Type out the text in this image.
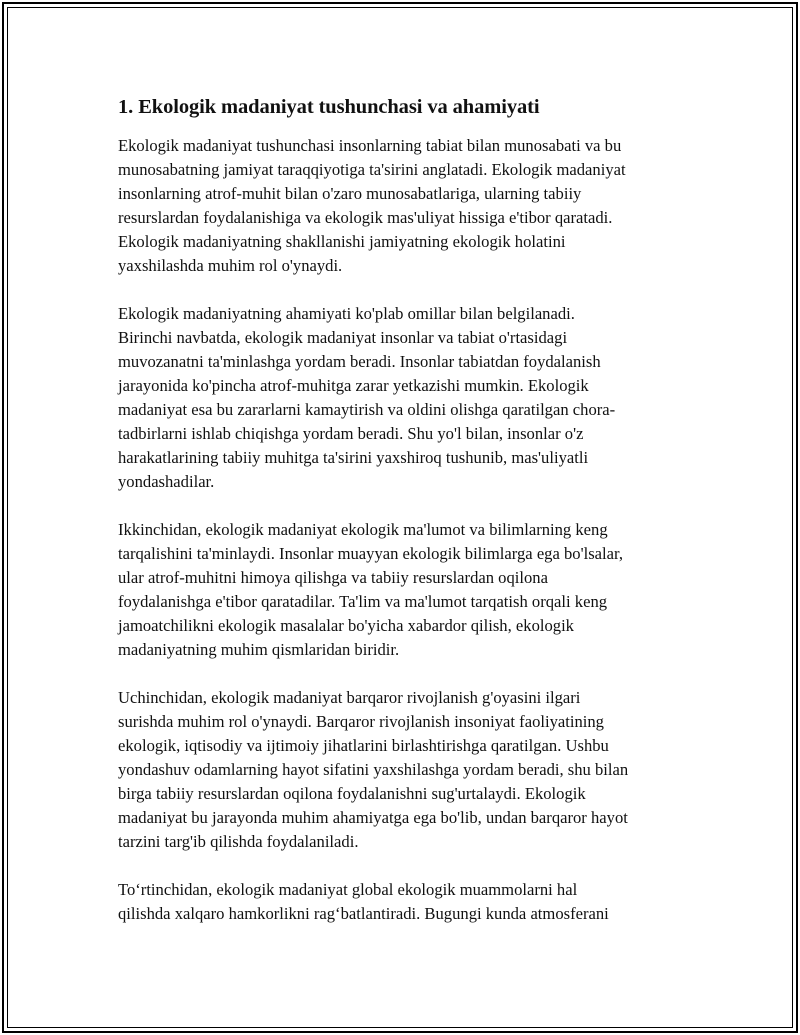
1. Ekologik madaniyat tushunchasi va ahamiyati

Ekologik madaniyat tushunchasi insonlarning tabiat bilan munosabati va bu
munosabatning jamiyat taraqqiyotiga ta'sirini anglatadi. Ekologik madaniyat
insonlarning atrof-muhit bilan o'zaro munosabatlariga, ularning tabiiy
resurslardan foydalanishiga va ekologik mas'uliyat hissiga e'tibor qaratadi.
Ekologik madaniyatning shakllanishi jamiyatning ekologik holatini
yaxshilashda muhim rol o'ynaydi.

Ekologik madaniyatning ahamiyati ko'plab omillar bilan belgilanadi.
Birinchi navbatda, ekologik madaniyat insonlar va tabiat o'rtasidagi
muvozanatni ta'minlashga yordam beradi. Insonlar tabiatdan foydalanish
jarayonida ko'pincha atrof-muhitga zarar yetkazishi mumkin. Ekologik
madaniyat esa bu zararlarni kamaytirish va oldini olishga qaratilgan chora-
tadbirlarni ishlab chiqishga yordam beradi. Shu yo'l bilan, insonlar o'z
harakatlarining tabiiy muhitga ta'sirini yaxshiroq tushunib, mas'uliyatli
yondashadilar.

Ikkinchidan, ekologik madaniyat ekologik ma'lumot va bilimlarning keng
tarqalishini ta'minlaydi. Insonlar muayyan ekologik bilimlarga ega bo'lsalar,
ular atrof-muhitni himoya qilishga va tabiiy resurslardan oqilona
foydalanishga e'tibor qaratadilar. Ta'lim va ma'lumot tarqatish orqali keng
jamoatchilikni ekologik masalalar bo'yicha xabardor qilish, ekologik
madaniyatning muhim qismlaridan biridir.

Uchinchidan, ekologik madaniyat barqaror rivojlanish g'oyasini ilgari
surishda muhim rol o'ynaydi. Barqaror rivojlanish insoniyat faoliyatining
ekologik, iqtisodiy va ijtimoiy jihatlarini birlashtirishga qaratilgan. Ushbu
yondashuv odamlarning hayot sifatini yaxshilashga yordam beradi, shu bilan
birga tabiiy resurslardan oqilona foydalanishni sug'urtalaydi. Ekologik
madaniyat bu jarayonda muhim ahamiyatga ega bo'lib, undan barqaror hayot
tarzini targ'ib qilishda foydalaniladi.

To‘rtinchidan, ekologik madaniyat global ekologik muammolarni hal
qilishda xalqaro hamkorlikni rag‘batlantiradi. Bugungi kunda atmosferani
